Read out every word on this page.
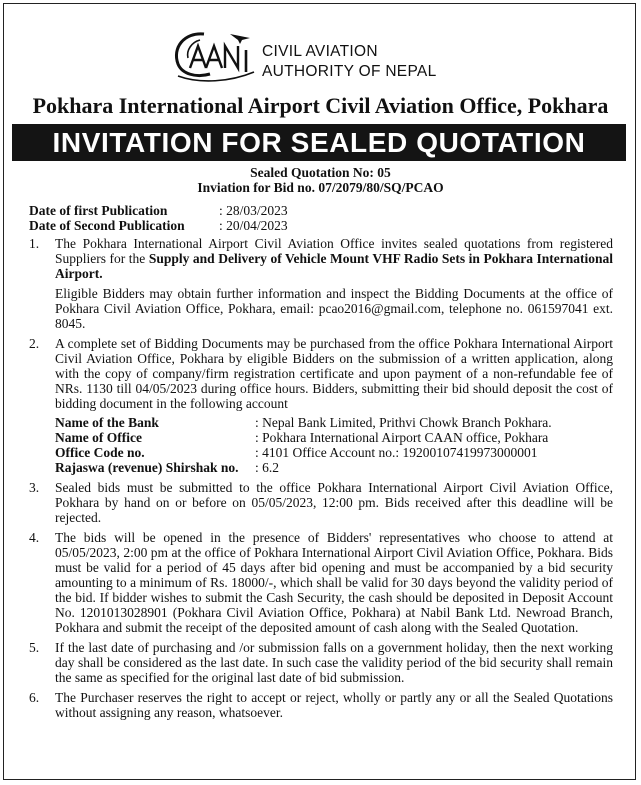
CIVIL AVIATION
AUTHORITY OF NEPAL
Pokhara International Airport Civil Aviation Office, Pokhara
INVITATION FOR SEALED QUOTATION
Sealed Quotation No: 05
Inviation for Bid no. 07/2079/80/SQ/PCAO
Date of first Publication	: 28/03/2023
Date of Second Publication	: 20/04/2023
1.	The Pokhara International Airport Civil Aviation Office invites sealed quotations from registered Suppliers for the Supply and Delivery of Vehicle Mount VHF Radio Sets in Pokhara International Airport.

Eligible Bidders may obtain further information and inspect the Bidding Documents at the office of Pokhara Civil Aviation Office, Pokhara, email: pcao2016@gmail.com, telephone no. 061597041 ext. 8045.

2.	A complete set of Bidding Documents may be purchased from the office Pokhara International Airport Civil Aviation Office, Pokhara by eligible Bidders on the submission of a written application, along with the copy of company/firm registration certificate and upon payment of a non-refundable fee of NRs. 1130 till 04/05/2023 during office hours. Bidders, submitting their bid should deposit the cost of bidding document in the following account

Name of the Bank	: Nepal Bank Limited, Prithvi Chowk Branch Pokhara.
Name of Office	: Pokhara International Airport CAAN office, Pokhara
Office Code no.	: 4101 Office Account no.: 19200107419973000001
Rajaswa (revenue) Shirshak no.	: 6.2
3.	Sealed bids must be submitted to the office Pokhara International Airport Civil Aviation Office, Pokhara by hand on or before on 05/05/2023, 12:00 pm. Bids received after this deadline will be rejected.

4.	The bids will be opened in the presence of Bidders' representatives who choose to attend at 05/05/2023, 2:00 pm at the office of Pokhara International Airport Civil Aviation Office, Pokhara. Bids must be valid for a period of 45 days after bid opening and must be accompanied by a bid security amounting to a minimum of Rs. 18000/-, which shall be valid for 30 days beyond the validity period of the bid. If bidder wishes to submit the Cash Security, the cash should be deposited in Deposit Account No. 1201013028901 (Pokhara Civil Aviation Office, Pokhara) at Nabil Bank Ltd. Newroad Branch, Pokhara and submit the receipt of the deposited amount of cash along with the Sealed Quotation.

5.	If the last date of purchasing and /or submission falls on a government holiday, then the next working day shall be considered as the last date. In such case the validity period of the bid security shall remain the same as specified for the original last date of bid submission.

6.	The Purchaser reserves the right to accept or reject, wholly or partly any or all the Sealed Quotations without assigning any reason, whatsoever.
